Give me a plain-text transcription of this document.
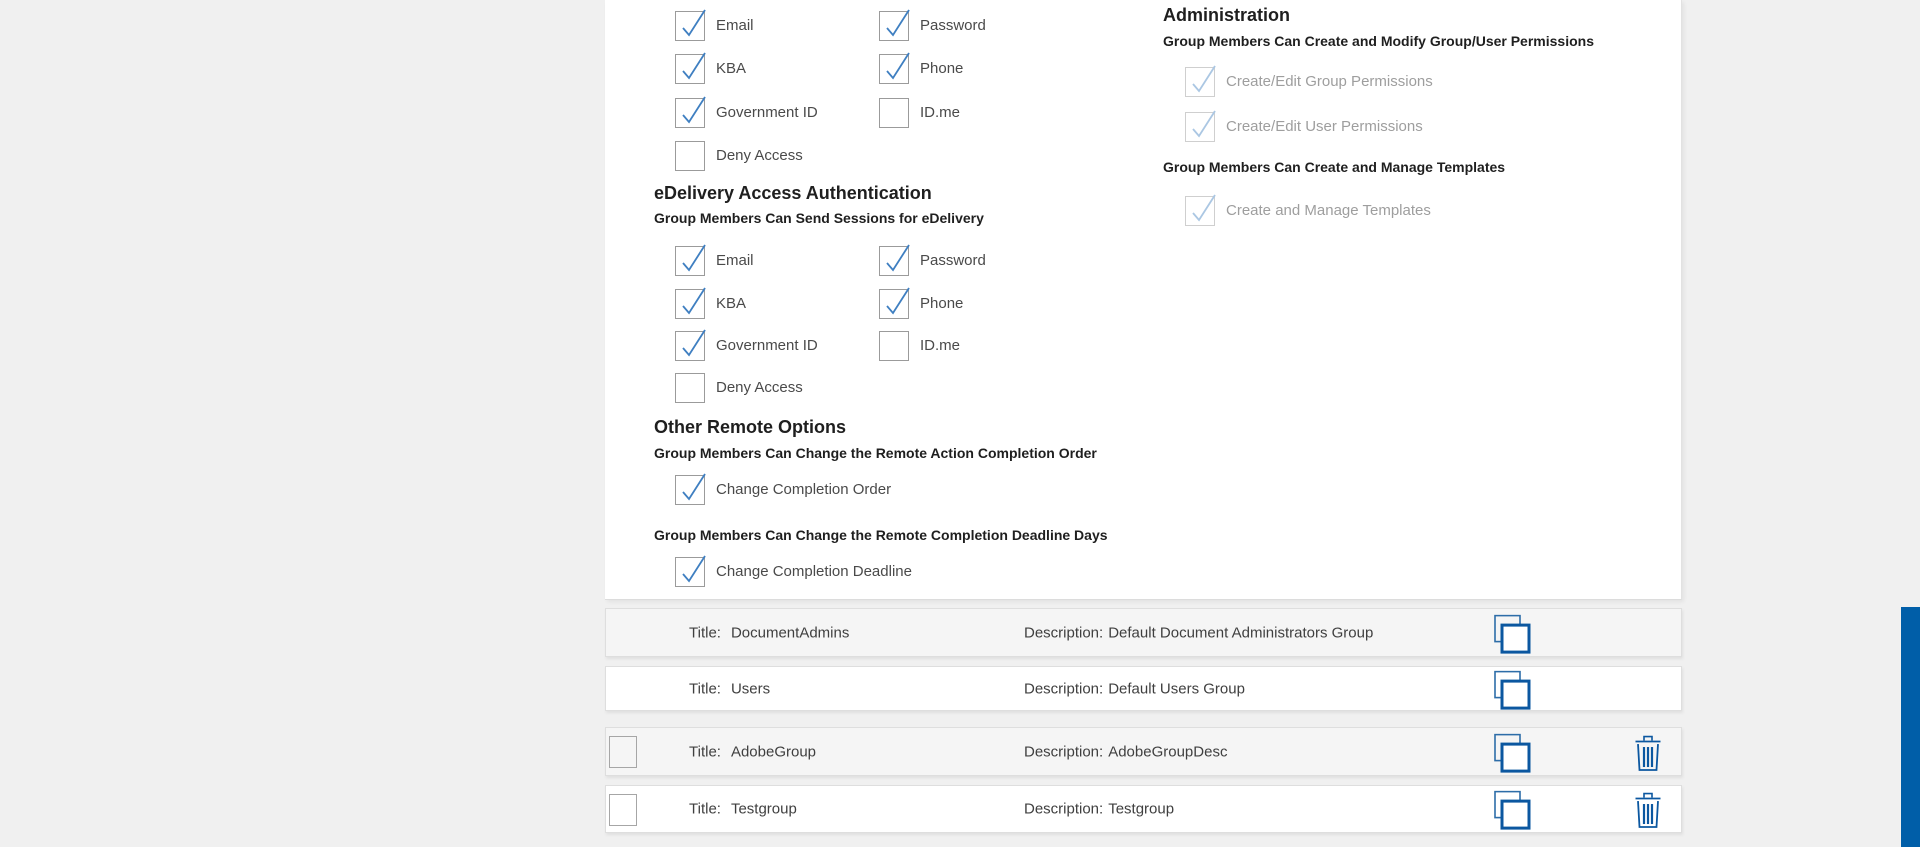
Email
KBA
Government ID
Deny Access
Password
Phone
ID.me
eDelivery Access Authentication
Group Members Can Send Sessions for eDelivery
Email
KBA
Government ID
Deny Access
Password
Phone
ID.me
Other Remote Options
Group Members Can Change the Remote Action Completion Order
Change Completion Order
Group Members Can Change the Remote Completion Deadline Days
Change Completion Deadline
Administration
Group Members Can Create and Modify Group/User Permissions
Create/Edit Group Permissions
Create/Edit User Permissions
Group Members Can Create and Manage Templates
Create and Manage Templates
Title: DocumentAdmins	Description: Default Document Administrators Group
Title: Users	Description: Default Users Group
Title: AdobeGroup	Description: AdobeGroupDesc
Title: Testgroup	Description: Testgroup
